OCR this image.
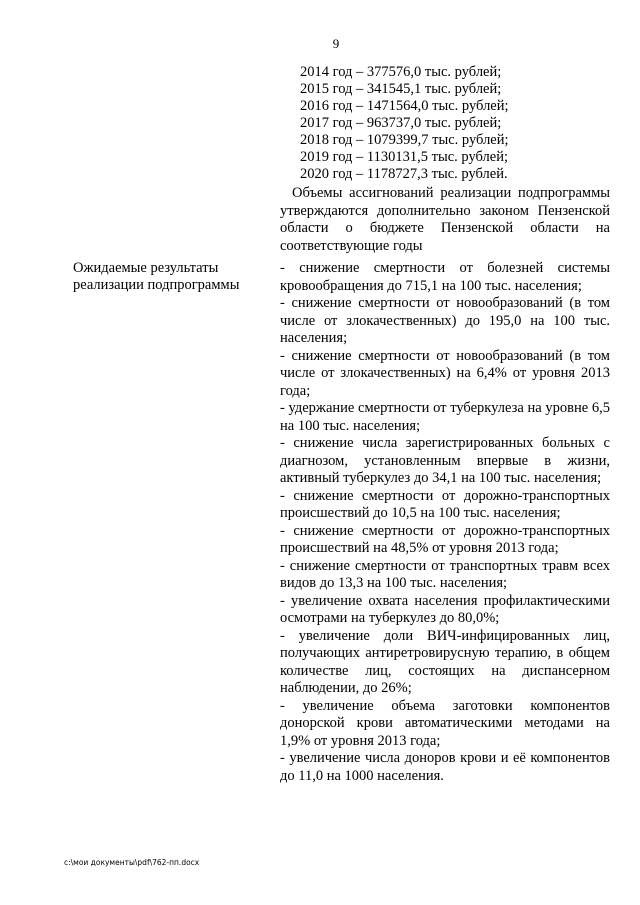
9
2014 год – 377576,0 тыс. рублей;
2015 год – 341545,1 тыс. рублей;
2016 год – 1471564,0 тыс. рублей;
2017 год – 963737,0 тыс. рублей;
2018 год – 1079399,7 тыс. рублей;
2019 год – 1130131,5 тыс. рублей;
2020 год – 1178727,3 тыс. рублей.
Объемы ассигнований реализации подпрограммы утверждаются дополнительно законом Пензенской области о бюджете Пензенской области на соответствующие годы
Ожидаемые результаты реализации подпрограммы
- снижение смертности от болезней системы кровообращения до 715,1 на 100 тыс. населения;
- снижение смертности от новообразований (в том числе от злокачественных) до 195,0 на 100 тыс. населения;
- снижение смертности от новообразований (в том числе от злокачественных) на 6,4% от уровня 2013 года;
- удержание смертности от туберкулеза на уровне 6,5 на 100 тыс. населения;
- снижение числа зарегистрированных больных с диагнозом, установленным впервые в жизни, активный туберкулез до 34,1 на 100 тыс. населения;
- снижение смертности от дорожно-транспортных происшествий до 10,5 на 100 тыс. населения;
- снижение смертности от дорожно-транспортных происшествий на 48,5% от уровня 2013 года;
- снижение смертности от транспортных травм всех видов до 13,3 на 100 тыс. населения;
- увеличение охвата населения профилактическими осмотрами на туберкулез до 80,0%;
- увеличение доли ВИЧ-инфицированных лиц, получающих антиретровирусную терапию, в общем количестве лиц, состоящих на диспансерном наблюдении, до 26%;
- увеличение объема заготовки компонентов донорской крови автоматическими методами на 1,9% от уровня 2013 года;
- увеличение числа доноров крови и её компонентов до 11,0 на 1000 населения.
c:\мои документы\pdf\762-пп.docx
